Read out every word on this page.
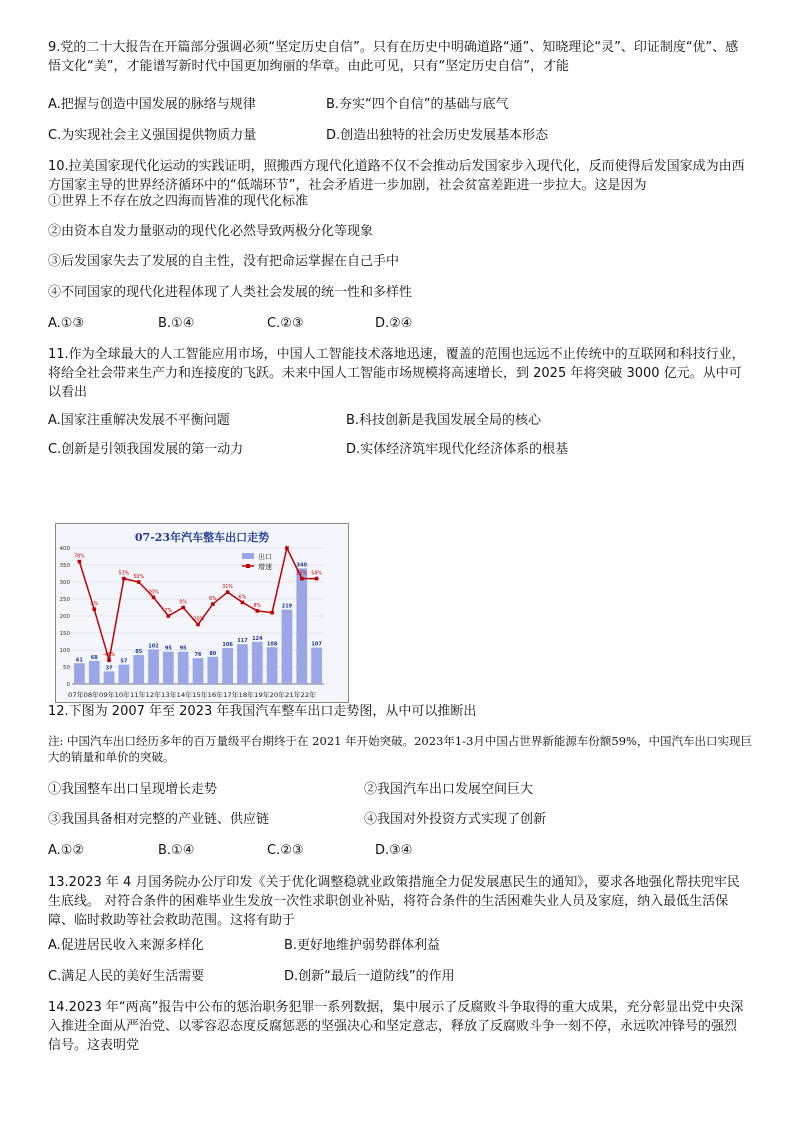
9.党的二十大报告在开篇部分强调必须“坚定历史自信”。只有在历史中明确道路“通”、知晓理论“灵”、印证制度“优”、感悟文化“美”，才能谱写新时代中国更加绚丽的华章。由此可见，只有“坚定历史自信”，才能

A.把握与创造中国发展的脉络与规律	B.夯实“四个自信”的基础与底气
C.为实现社会主义强国提供物质力量	D.创造出独特的社会历史发展基本形态

10.拉美国家现代化运动的实践证明，照搬西方现代化道路不仅不会推动后发国家步入现代化，反而使得后发国家成为由西方国家主导的世界经济循环中的“低端环节”，社会矛盾进一步加剧，社会贫富差距进一步拉大。这是因为

①世界上不存在放之四海而皆准的现代化标准
②由资本自发力量驱动的现代化必然导致两极分化等现象
③后发国家失去了发展的自主性，没有把命运掌握在自己手中
④不同国家的现代化进程体现了人类社会发展的统一性和多样性
A.①③	B.①④	C.②③	D.②④

11.作为全球最大的人工智能应用市场，中国人工智能技术落地迅速，覆盖的范围也远远不止传统中的互联网和科技行业，将给全社会带来生产力和连接度的飞跃。未来中国人工智能市场规模将高速增长，到 2025 年将突破 3000 亿元。从中可以看出

A.国家注重解决发展不平衡问题	B.科技创新是我国发展全局的核心
C.创新是引领我国发展的第一动力	D.实体经济筑牢现代化经济体系的根基
07-23年汽车整车出口走势
0
50
100
150
200
250
300
350
400
61 68
37
57
85
102 95 95
76 80
106
117 124
108
219
340
107
78%
1%
-46%
53%
50%
20%
7%
0%
-20%
6%
31%
6%
8%
55% 54%
07年08年09年10年11年12年13年14年15年16年17年18年19年20年21年22年
出口
增速

12.下图为 2007 年至 2023 年我国汽车整车出口走势图，从中可以推断出

注: 中国汽车出口经历多年的百万量级平台期终于在 2021 年开始突破。2023年1-3月中国占世界新能源车份额59%，中国汽车出口实现巨大的销量和单价的突破。
①我国整车出口呈现增长走势	②我国汽车出口发展空间巨大
③我国具备相对完整的产业链、供应链	④我国对外投资方式实现了创新
A.①②	B.①④	C.②③	D.③④

13.2023 年 4 月国务院办公厅印发《关于优化调整稳就业政策措施全力促发展惠民生的通知》，要求各地强化帮扶兜牢民生底线。 对符合条件的困难毕业生发放一次性求职创业补贴，将符合条件的生活困难失业人员及家庭，纳入最低生活保障、临时救助等社会救助范围。这将有助于

A.促进居民收入来源多样化	B.更好地维护弱势群体利益
C.满足人民的美好生活需要	D.创新“最后一道防线”的作用

14.2023 年“两高”报告中公布的惩治职务犯罪一系列数据，集中展示了反腐败斗争取得的重大成果，充分彰显出党中央深入推进全面从严治党、以零容忍态度反腐惩恶的坚强决心和坚定意志，释放了反腐败斗争一刻不停，永远吹冲锋号的强烈信号。这表明党
